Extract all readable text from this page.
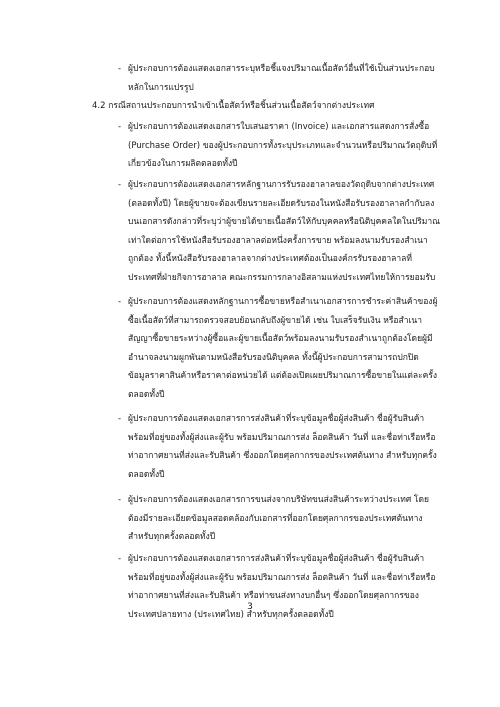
- ผู้ประกอบการต้องแสดงเอกสารระบุหรือชี้แจงปริมาณเนื้อสัตว์อื่นที่ใช้เป็นส่วนประกอบ
หลักในการแปรรูป
4.2 กรณีสถานประกอบการนำเข้าเนื้อสัตว์หรือชิ้นส่วนเนื้อสัตว์จากต่างประเทศ
- ผู้ประกอบการต้องแสดงเอกสารใบเสนอราคา (Invoice) และเอกสารแสดงการสั่งซื้อ
(Purchase Order) ของผู้ประกอบการทั้งระบุประเภทและจำนวนหรือปริมาณวัตถุดิบที่
เกี่ยวข้องในการผลิตตลอดทั้งปี
- ผู้ประกอบการต้องแสดงเอกสารหลักฐานการรับรองฮาลาลของวัตถุดิบจากต่างประเทศ
(ตลอดทั้งปี) โดยผู้ขายจะต้องเขียนรายละเอียดรับรองในหนังสือรับรองฮาลาลกำกับลง
บนเอกสารดังกล่าวที่ระบุว่าผู้ขายได้ขายเนื้อสัตว์ให้กับบุคคลหรือนิติบุคคลใดในปริมาณ
เท่าใดต่อการใช้หนังสือรับรองฮาลาลต่อหนึ่งครั้งการขาย พร้อมลงนามรับรองสำเนา
ถูกต้อง ทั้งนี้หนังสือรับรองฮาลาลจากต่างประเทศต้องเป็นองค์กรรับรองฮาลาลที่
ประเทศที่ฝ่ายกิจการฮาลาล คณะกรรมการกลางอิสลามแห่งประเทศไทยให้การยอมรับ
- ผู้ประกอบการต้องแสดงหลักฐานการซื้อขายหรือสำเนาเอกสารการชำระค่าสินค้าของผู้
ซื้อเนื้อสัตว์ที่สามารถตรวจสอบย้อนกลับถึงผู้ขายได้ เช่น ใบเสร็จรับเงิน หรือสำเนา
สัญญาซื้อขายระหว่างผู้ซื้อและผู้ขายเนื้อสัตว์พร้อมลงนามรับรองสำเนาถูกต้องโดยผู้มี
อำนาจลงนามผูกพันตามหนังสือรับรองนิติบุคคล ทั้งนี้ผู้ประกอบการสามารถปกปิด
ข้อมูลราคาสินค้าหรือราคาต่อหน่วยได้ แต่ต้องเปิดเผยปริมาณการซื้อขายในแต่ละครั้ง
ตลอดทั้งปี
- ผู้ประกอบการต้องแสดงเอกสารการส่งสินค้าที่ระบุข้อมูลชื่อผู้ส่งสินค้า ชื่อผู้รับสินค้า
พร้อมที่อยู่ของทั้งผู้ส่งและผู้รับ พร้อมปริมาณการส่ง ล็อตสินค้า วันที่ และชื่อท่าเรือหรือ
ท่าอากาศยานที่ส่งและรับสินค้า ซึ่งออกโดยศุลกากรของประเทศต้นทาง สำหรับทุกครั้ง
ตลอดทั้งปี
- ผู้ประกอบการต้องแสดงเอกสารการขนส่งจากบริษัทขนส่งสินค้าระหว่างประเทศ โดย
ต้องมีรายละเอียดข้อมูลสอดคล้องกับเอกสารที่ออกโดยศุลกากรของประเทศต้นทาง
สำหรับทุกครั้งตลอดทั้งปี
- ผู้ประกอบการต้องแสดงเอกสารการส่งสินค้าที่ระบุข้อมูลชื่อผู้ส่งสินค้า ชื่อผู้รับสินค้า
พร้อมที่อยู่ของทั้งผู้ส่งและผู้รับ พร้อมปริมาณการส่ง ล็อตสินค้า วันที่ และชื่อท่าเรือหรือ
ท่าอากาศยานที่ส่งและรับสินค้า หรือท่าขนส่งทางบกอื่นๆ ซึ่งออกโดยศุลกากรของ
ประเทศปลายทาง (ประเทศไทย) สำหรับทุกครั้งตลอดทั้งปี
3
